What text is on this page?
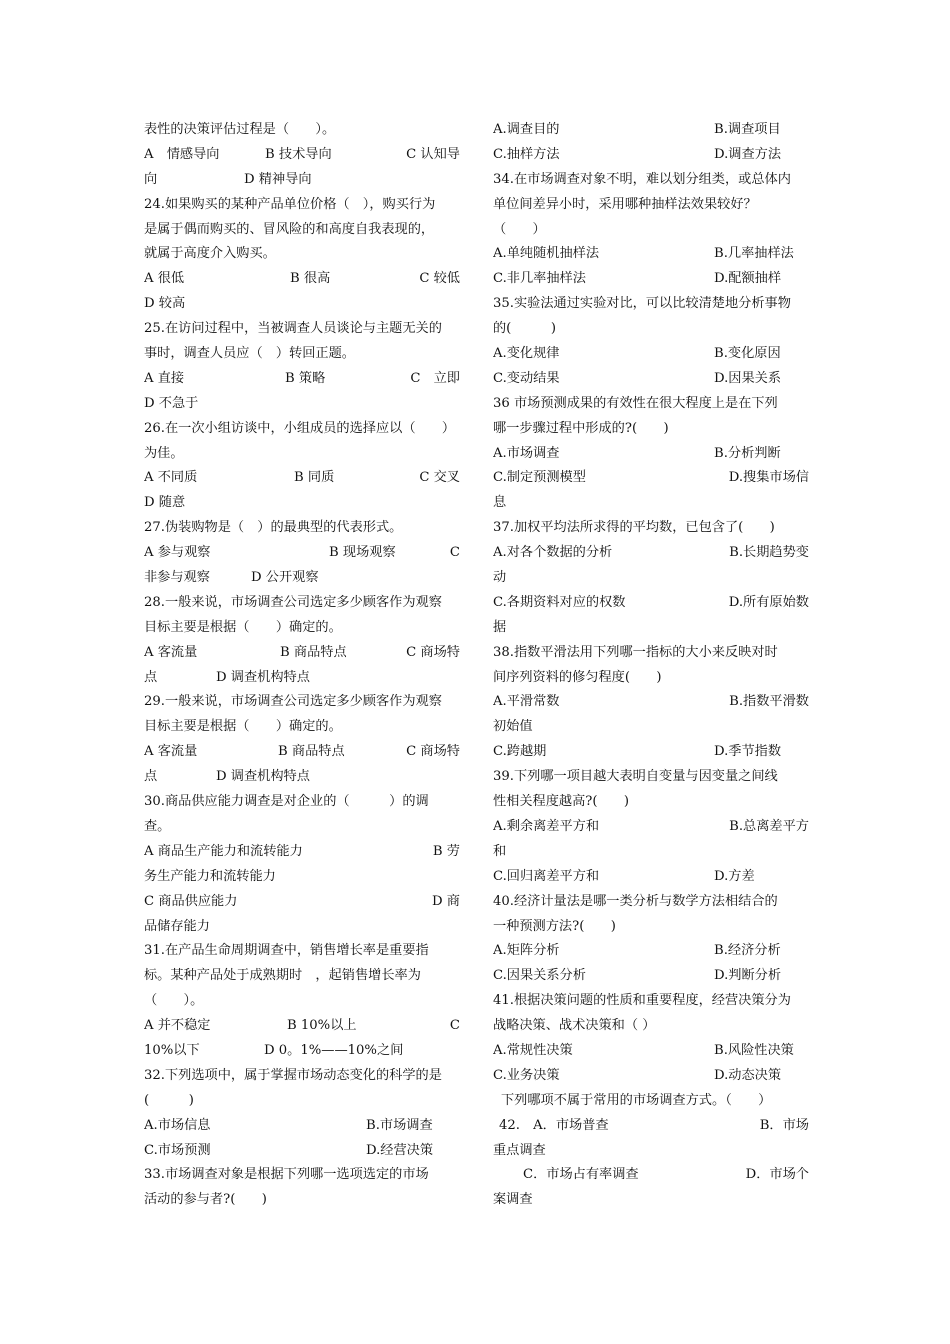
表性的决策评估过程是（　　）。
A　情感导向	B 技术导向	C 认知导
向	D 精神导向
24.如果购买的某种产品单位价格（　），购买行为
是属于偶而购买的、冒风险的和高度自我表现的，
就属于高度介入购买。
A 很低	B 很高	C 较低
D 较高
25.在访问过程中，当被调查人员谈论与主题无关的
事时，调查人员应（　）转回正题。
A 直接	B 策略	C　立即
D 不急于
26.在一次小组访谈中，小组成员的选择应以（　　）
为佳。
A 不同质	B 同质	C 交叉
D 随意
27.伪装购物是（　）的最典型的代表形式。
A 参与观察	B 现场观察	C
非参与观察	D 公开观察
28.一般来说，市场调查公司选定多少顾客作为观察
目标主要是根据（　　）确定的。
A 客流量	B 商品特点	C 商场特
点	D 调查机构特点
29.一般来说，市场调查公司选定多少顾客作为观察
目标主要是根据（　　）确定的。
A 客流量	B 商品特点	C 商场特
点	D 调查机构特点
30.商品供应能力调查是对企业的（　　　）的调
查。
A 商品生产能力和流转能力	B 劳
务生产能力和流转能力
C 商品供应能力	D 商
品储存能力
31.在产品生命周期调查中，销售增长率是重要指
标。某种产品处于成熟期时　，起销售增长率为
（　　）。
A 并不稳定	B 10%以上	C
10%以下	D 0。1%——10%之间
32.下列选项中，属于掌握市场动态变化的科学的是
(　　　)
A.市场信息	B.市场调查
C.市场预测	D.经营决策
33.市场调查对象是根据下列哪一选项选定的市场
活动的参与者?(　　)
A.调查目的	B.调查项目
C.抽样方法	D.调查方法
34.在市场调查对象不明，难以划分组类，或总体内
单位间差异小时，采用哪种抽样法效果较好？
（　　）
A.单纯随机抽样法	B.几率抽样法
C.非几率抽样法	D.配额抽样
35.实验法通过实验对比，可以比较清楚地分析事物
的(　　　)
A.变化规律	B.变化原因
C.变动结果	D.因果关系
36 市场预测成果的有效性在很大程度上是在下列
哪一步骤过程中形成的?(　　)
A.市场调查	B.分析判断
C.制定预测模型	D.搜集市场信
息
37.加权平均法所求得的平均数，已包含了(　　)
A.对各个数据的分析	B.长期趋势变
动
C.各期资料对应的权数	D.所有原始数
据
38.指数平滑法用下列哪一指标的大小来反映对时
间序列资料的修匀程度(　　)
A.平滑常数	B.指数平滑数
初始值
C.跨越期	D.季节指数
39.下列哪一项目越大表明自变量与因变量之间线
性相关程度越高?(　　)
A.剩余离差平方和	B.总离差平方
和
C.回归离差平方和	D.方差
40.经济计量法是哪一类分析与数学方法相结合的
一种预测方法?(　　)
A.矩阵分析	B.经济分析
C.因果关系分析	D.判断分析
41.根据决策问题的性质和重要程度，经营决策分为
战略决策、战术决策和（ ）
A.常规性决策	B.风险性决策
C.业务决策	D.动态决策
下列哪项不属于常用的市场调查方式。（　　）
42.　A．市场普查	B．市场
重点调查
C．市场占有率调查	D．市场个
案调查
